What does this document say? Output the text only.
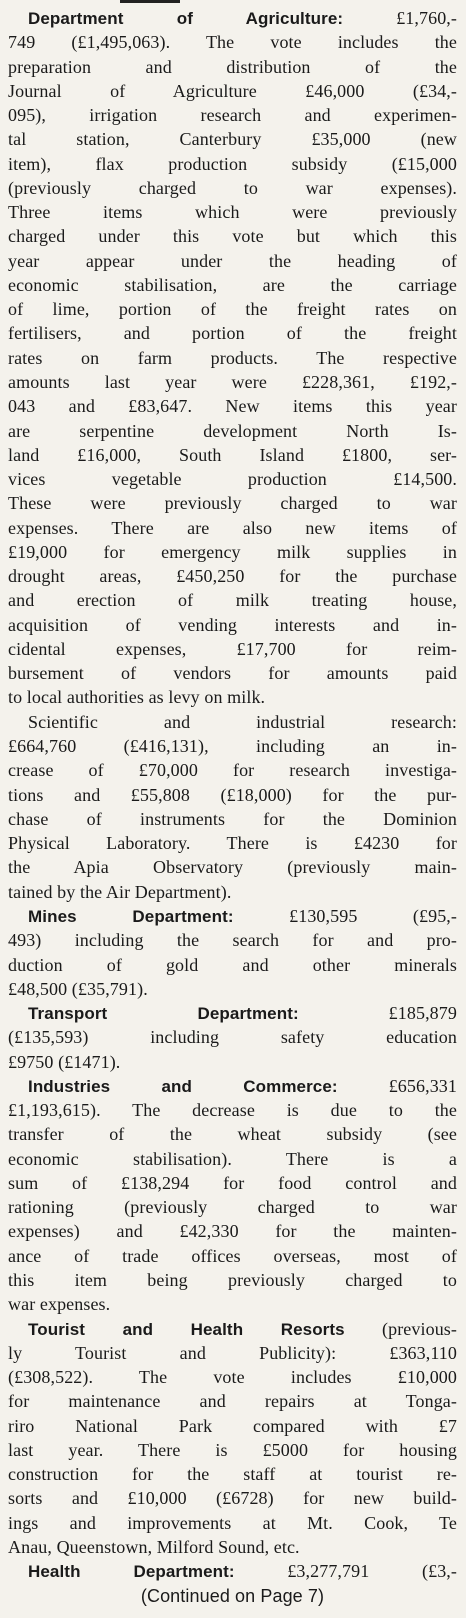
Department of Agriculture: £1,760,-
749 (£1,495,063). The vote includes the
preparation and distribution of the
Journal of Agriculture £46,000 (£34,-
095), irrigation research and experimen-
tal station, Canterbury £35,000 (new
item), flax production subsidy (£15,000
(previously charged to war expenses).
Three items which were previously
charged under this vote but which this
year appear under the heading of
economic stabilisation, are the carriage
of lime, portion of the freight rates on
fertilisers, and portion of the freight
rates on farm products. The respective
amounts last year were £228,361, £192,-
043 and £83,647. New items this year
are serpentine development North Is-
land £16,000, South Island £1800, ser-
vices vegetable production £14,500.
These were previously charged to war
expenses. There are also new items of
£19,000 for emergency milk supplies in
drought areas, £450,250 for the purchase
and erection of milk treating house,
acquisition of vending interests and in-
cidental expenses, £17,700 for reim-
bursement of vendors for amounts paid
to local authorities as levy on milk.
Scientific and industrial research:
£664,760 (£416,131), including an in-
crease of £70,000 for research investiga-
tions and £55,808 (£18,000) for the pur-
chase of instruments for the Dominion
Physical Laboratory. There is £4230 for
the Apia Observatory (previously main-
tained by the Air Department).
Mines Department: £130,595 (£95,-
493) including the search for and pro-
duction of gold and other minerals
£48,500 (£35,791).
Transport Department: £185,879
(£135,593) including safety education
£9750 (£1471).
Industries and Commerce: £656,331
£1,193,615). The decrease is due to the
transfer of the wheat subsidy (see
economic stabilisation). There is a
sum of £138,294 for food control and
rationing (previously charged to war
expenses) and £42,330 for the mainten-
ance of trade offices overseas, most of
this item being previously charged to
war expenses.
Tourist and Health Resorts (previous-
ly Tourist and Publicity): £363,110
(£308,522). The vote includes £10,000
for maintenance and repairs at Tonga-
riro National Park compared with £7
last year. There is £5000 for housing
construction for the staff at tourist re-
sorts and £10,000 (£6728) for new build-
ings and improvements at Mt. Cook, Te
Anau, Queenstown, Milford Sound, etc.
Health Department: £3,277,791 (£3,-
(Continued on Page 7)
